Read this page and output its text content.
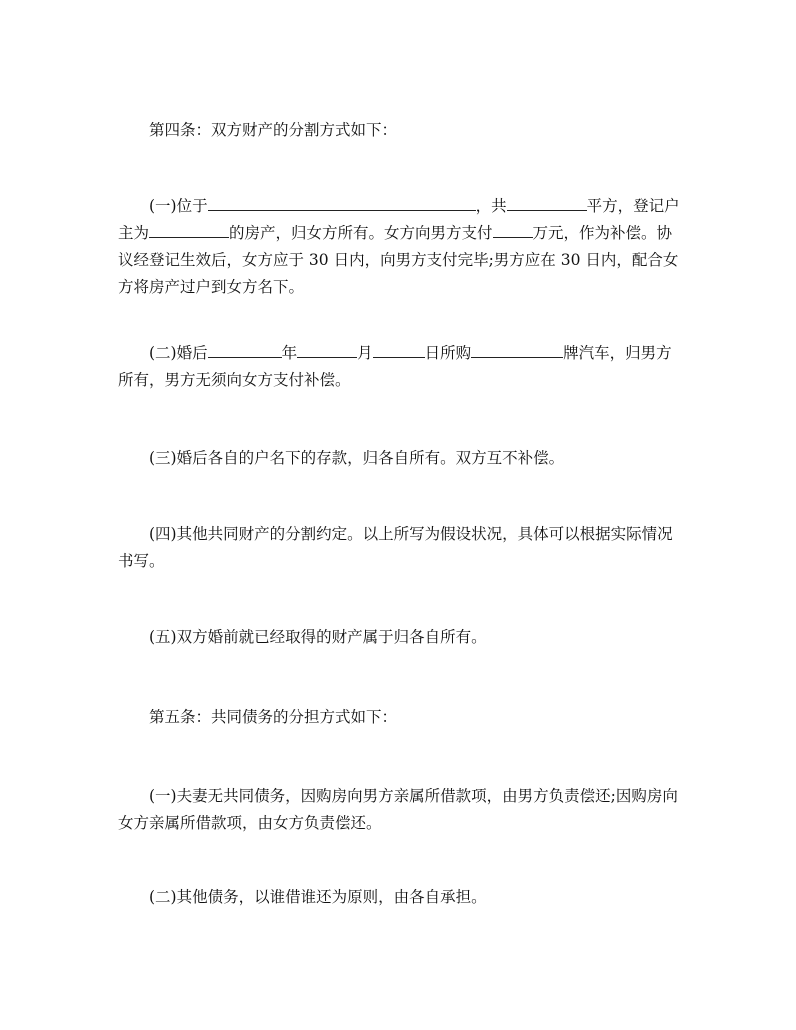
第四条：双方财产的分割方式如下：

(一)位于	，共	平方，登记户主为	的房产，归女方所有。女方向男方支付	万元，作为补偿。协议经登记生效后，女方应于 30 日内，向男方支付完毕;男方应在 30 日内，配合女方将房产过户到女方名下。

(二)婚后	年	月	日所购	牌汽车，归男方所有，男方无须向女方支付补偿。

(三)婚后各自的户名下的存款，归各自所有。双方互不补偿。

(四)其他共同财产的分割约定。以上所写为假设状况，具体可以根据实际情况书写。

(五)双方婚前就已经取得的财产属于归各自所有。

第五条：共同债务的分担方式如下：

(一)夫妻无共同债务，因购房向男方亲属所借款项，由男方负责偿还;因购房向女方亲属所借款项，由女方负责偿还。

(二)其他债务，以谁借谁还为原则，由各自承担。
